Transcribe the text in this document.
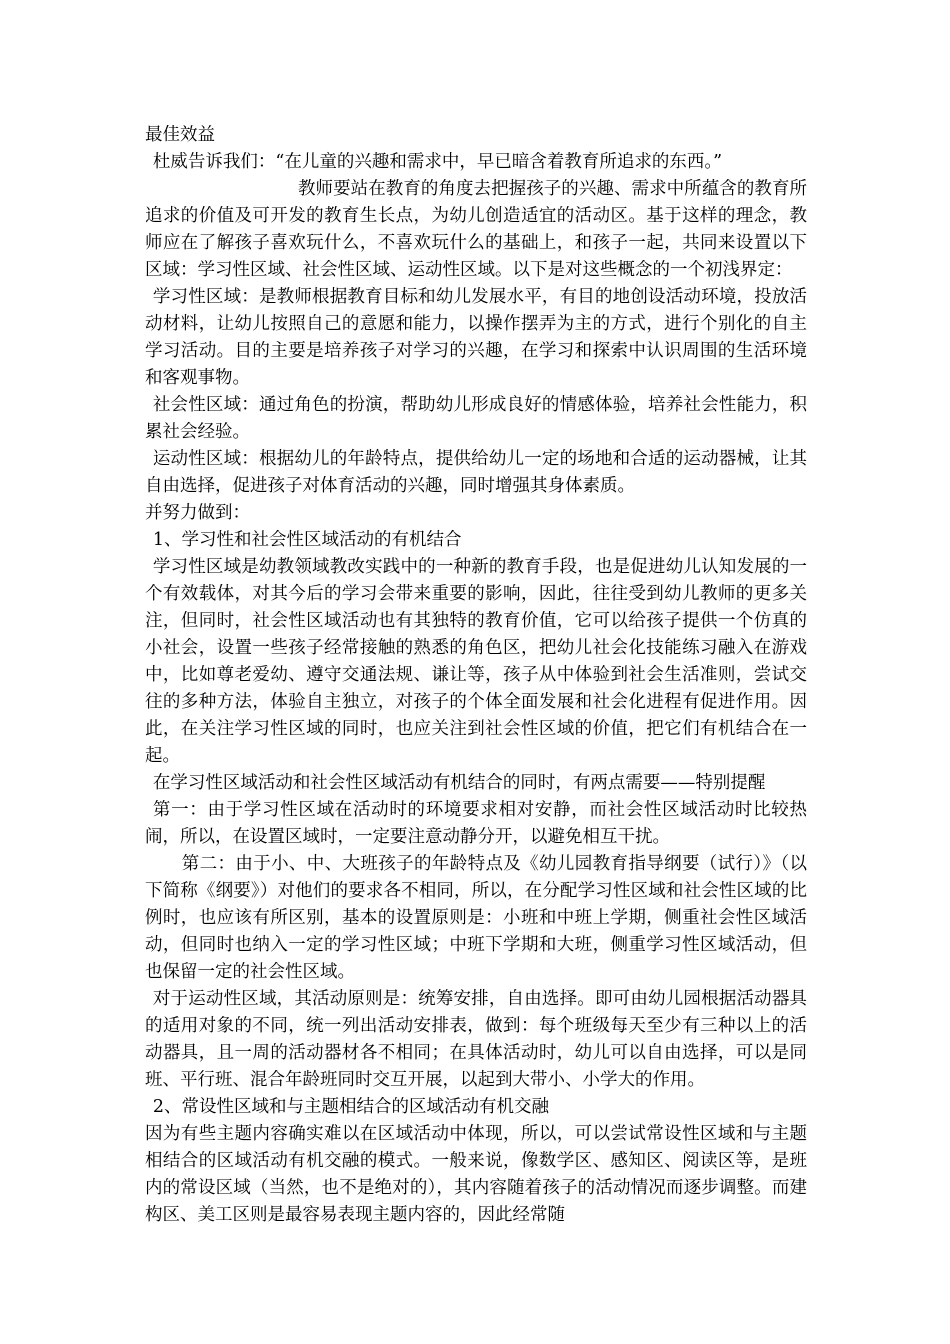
最佳效益

杜威告诉我们：“在儿童的兴趣和需求中，早已暗含着教育所追求的东西。”

教师要站在教育的角度去把握孩子的兴趣、需求中所蕴含的教育所追求的价值及可开发的教育生长点，为幼儿创造适宜的活动区。基于这样的理念，教师应在了解孩子喜欢玩什么，不喜欢玩什么的基础上，和孩子一起，共同来设置以下区域：学习性区域、社会性区域、运动性区域。以下是对这些概念的一个初浅界定：

学习性区域：是教师根据教育目标和幼儿发展水平，有目的地创设活动环境，投放活动材料，让幼儿按照自己的意愿和能力，以操作摆弄为主的方式，进行个别化的自主学习活动。目的主要是培养孩子对学习的兴趣，在学习和探索中认识周围的生活环境和客观事物。

社会性区域：通过角色的扮演，帮助幼儿形成良好的情感体验，培养社会性能力，积累社会经验。

运动性区域：根据幼儿的年龄特点，提供给幼儿一定的场地和合适的运动器械，让其自由选择，促进孩子对体育活动的兴趣，同时增强其身体素质。

并努力做到：

1、学习性和社会性区域活动的有机结合

学习性区域是幼教领域教改实践中的一种新的教育手段，也是促进幼儿认知发展的一个有效载体，对其今后的学习会带来重要的影响，因此，往往受到幼儿教师的更多关注，但同时，社会性区域活动也有其独特的教育价值，它可以给孩子提供一个仿真的小社会，设置一些孩子经常接触的熟悉的角色区，把幼儿社会化技能练习融入在游戏中，比如尊老爱幼、遵守交通法规、谦让等，孩子从中体验到社会生活准则，尝试交往的多种方法，体验自主独立，对孩子的个体全面发展和社会化进程有促进作用。因此，在关注学习性区域的同时，也应关注到社会性区域的价值，把它们有机结合在一起。

在学习性区域活动和社会性区域活动有机结合的同时，有两点需要——特别提醒

第一：由于学习性区域在活动时的环境要求相对安静，而社会性区域活动时比较热闹，所以，在设置区域时，一定要注意动静分开，以避免相互干扰。

第二：由于小、中、大班孩子的年龄特点及《幼儿园教育指导纲要（试行）》（以下简称《纲要》）对他们的要求各不相同，所以，在分配学习性区域和社会性区域的比例时，也应该有所区别，基本的设置原则是：小班和中班上学期，侧重社会性区域活动，但同时也纳入一定的学习性区域；中班下学期和大班，侧重学习性区域活动，但也保留一定的社会性区域。

对于运动性区域，其活动原则是：统筹安排，自由选择。即可由幼儿园根据活动器具的适用对象的不同，统一列出活动安排表，做到：每个班级每天至少有三种以上的活动器具，且一周的活动器材各不相同；在具体活动时，幼儿可以自由选择，可以是同班、平行班、混合年龄班同时交互开展，以起到大带小、小学大的作用。

2、常设性区域和与主题相结合的区域活动有机交融

因为有些主题内容确实难以在区域活动中体现，所以，可以尝试常设性区域和与主题相结合的区域活动有机交融的模式。一般来说，像数学区、感知区、阅读区等，是班内的常设区域（当然，也不是绝对的），其内容随着孩子的活动情况而逐步调整。而建构区、美工区则是最容易表现主题内容的，因此经常随
